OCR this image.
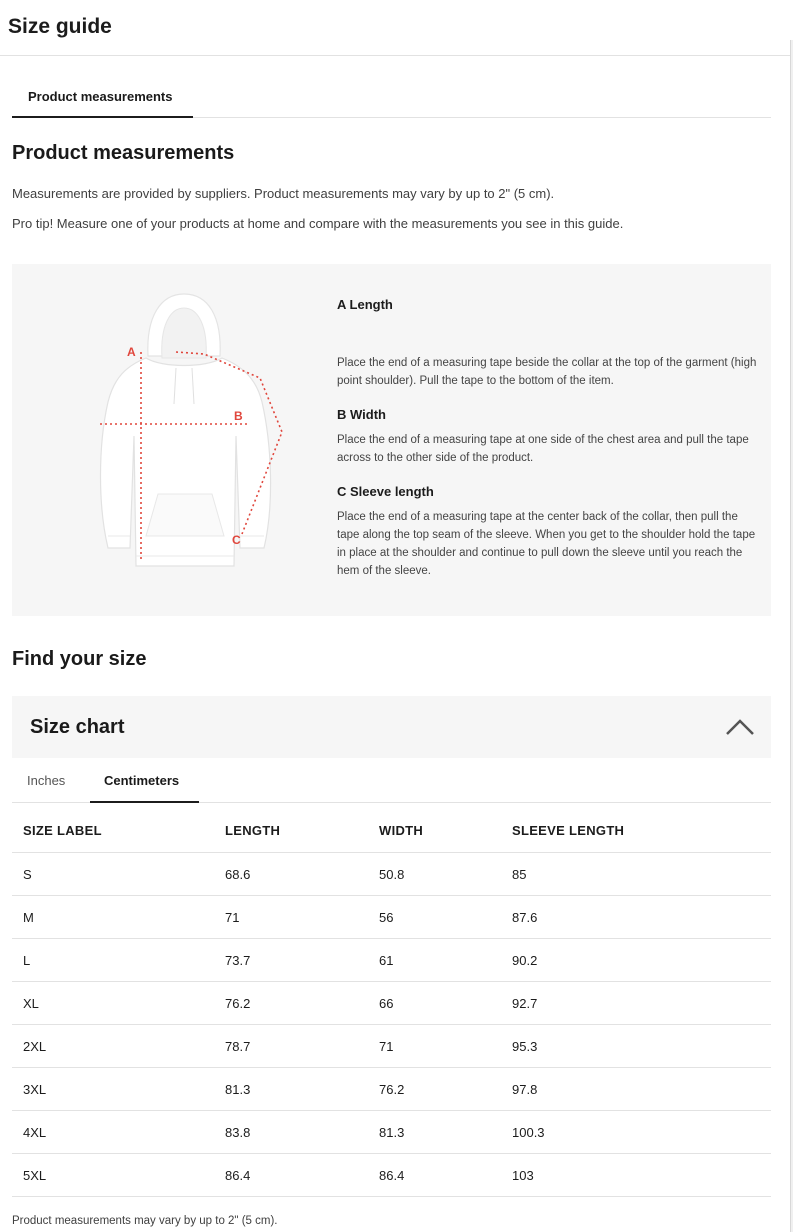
Size guide
Product measurements
Product measurements
Measurements are provided by suppliers. Product measurements may vary by up to 2" (5 cm).
Pro tip! Measure one of your products at home and compare with the measurements you see in this guide.
A
B
C
A Length
Place the end of a measuring tape beside the collar at the top of the garment (high point shoulder). Pull the tape to the bottom of the item.
B Width
Place the end of a measuring tape at one side of the chest area and pull the tape across to the other side of the product.
C Sleeve length
Place the end of a measuring tape at the center back of the collar, then pull the tape along the top seam of the sleeve. When you get to the shoulder hold the tape in place at the shoulder and continue to pull down the sleeve until you reach the hem of the sleeve.
Find your size
Size chart
Inches	Centimeters
SIZE LABEL	LENGTH	WIDTH	SLEEVE LENGTH
S	68.6	50.8	85
M	71	56	87.6
L	73.7	61	90.2
XL	76.2	66	92.7
2XL	78.7	71	95.3
3XL	81.3	76.2	97.8
4XL	83.8	81.3	100.3
5XL	86.4	86.4	103
Product measurements may vary by up to 2" (5 cm).
